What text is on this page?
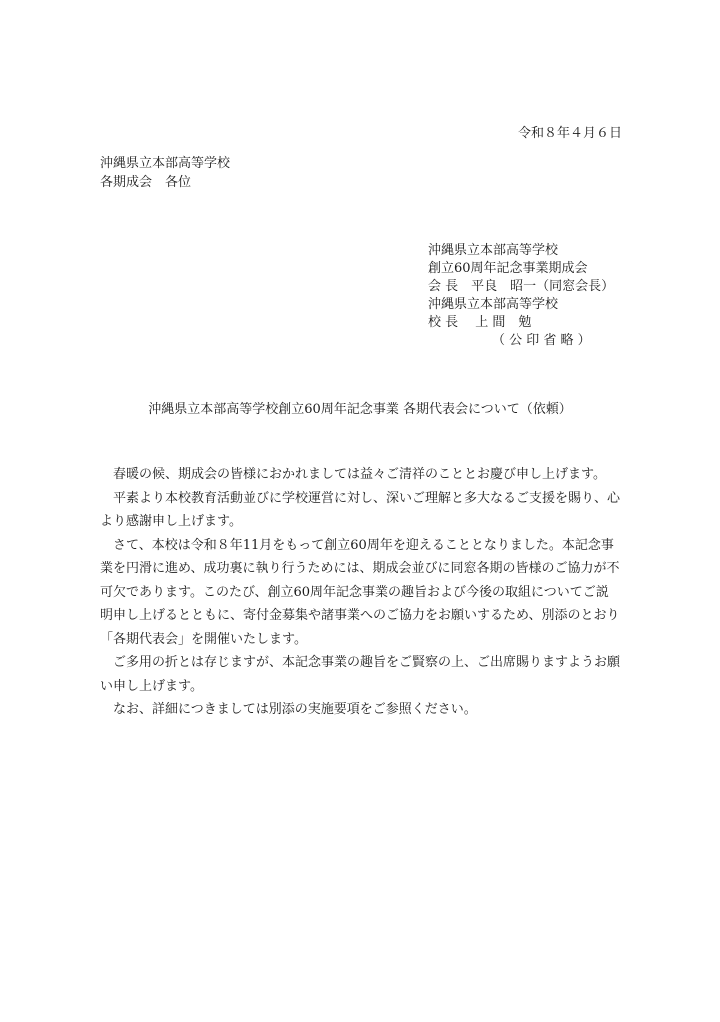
令和８年４月６日
沖縄県立本部高等学校
各期成会　各位
沖縄県立本部高等学校
創立60周年記念事業期成会
会 長　平良　昭一（同窓会長）
沖縄県立本部高等学校
校 長　 上 間　勉
（ 公 印 省 略 ）
沖縄県立本部高等学校創立60周年記念事業 各期代表会について（依頼）

春暖の候、期成会の皆様におかれましては益々ご清祥のこととお慶び申し上げます。

平素より本校教育活動並びに学校運営に対し、深いご理解と多大なるご支援を賜り、心より感謝申し上げます。

さて、本校は令和８年11月をもって創立60周年を迎えることとなりました。本記念事業を円滑に進め、成功裏に執り行うためには、期成会並びに同窓各期の皆様のご協力が不可欠であります。このたび、創立60周年記念事業の趣旨および今後の取組についてご説明申し上げるとともに、寄付金募集や諸事業へのご協力をお願いするため、別添のとおり「各期代表会」を開催いたします。

ご多用の折とは存じますが、本記念事業の趣旨をご賢察の上、ご出席賜りますようお願い申し上げます。

なお、詳細につきましては別添の実施要項をご参照ください。
